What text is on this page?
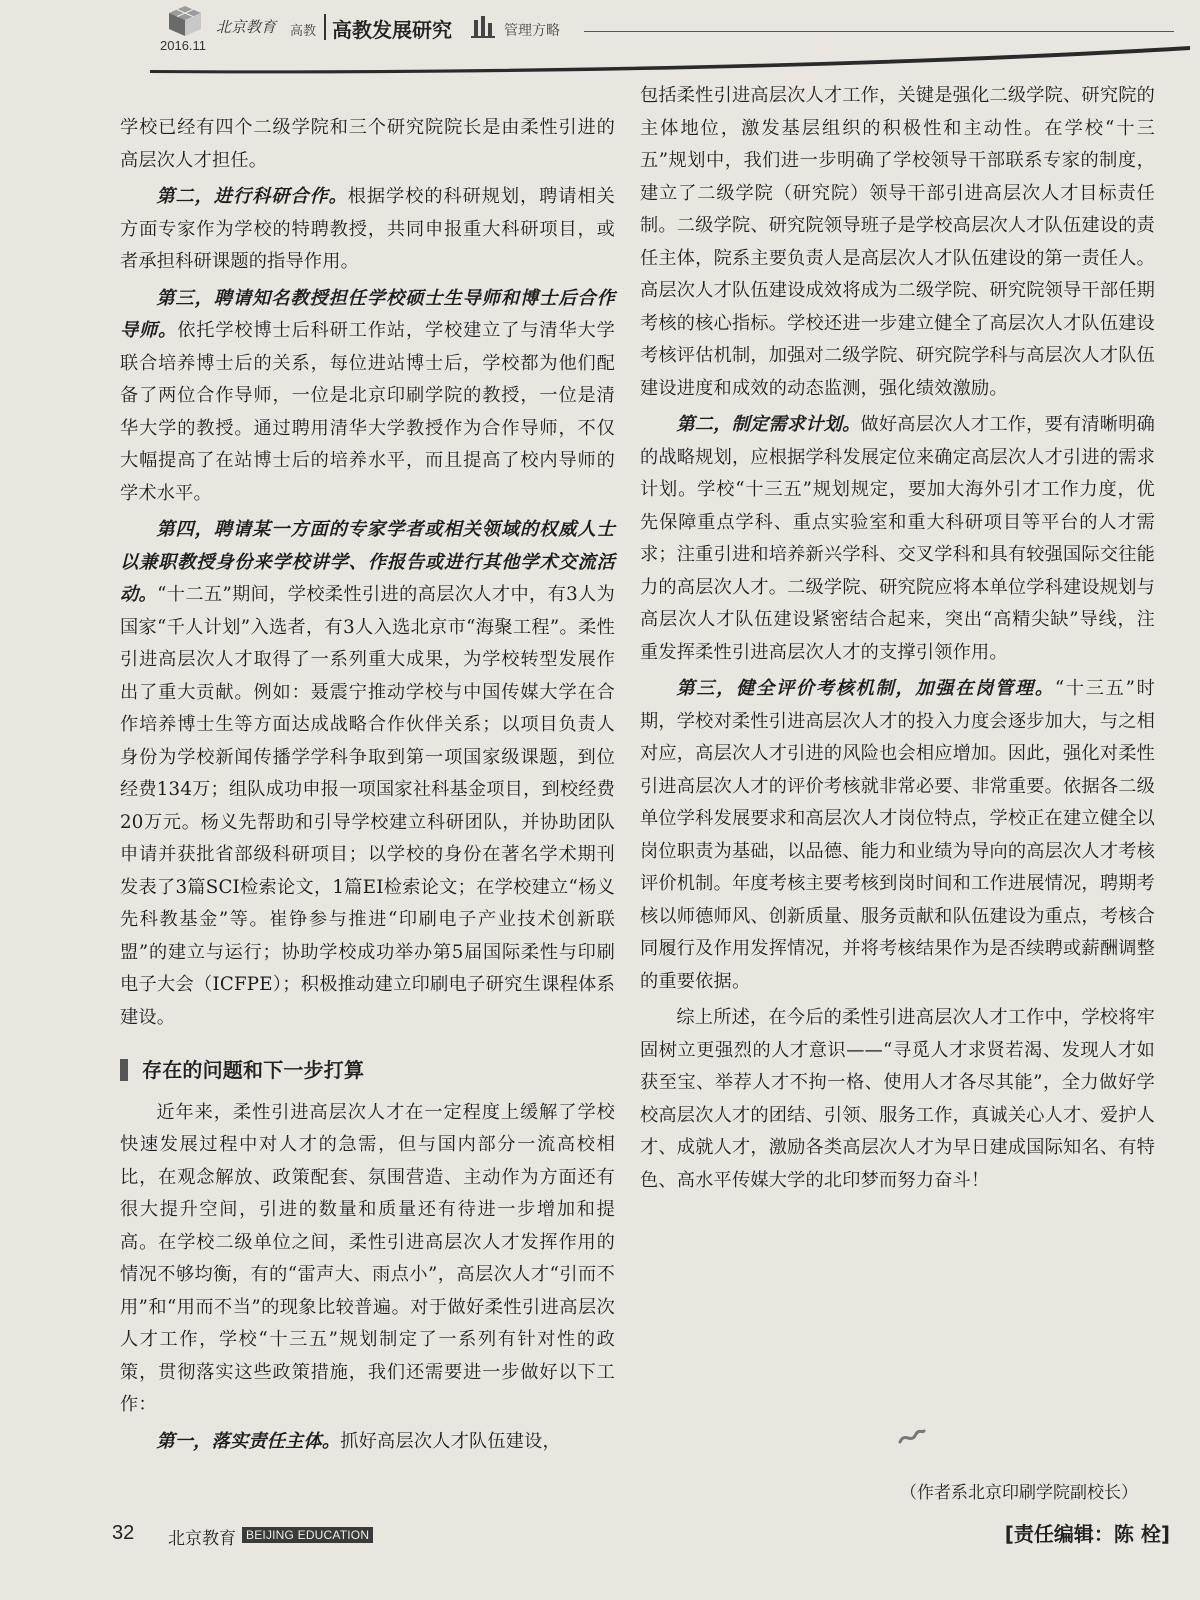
2016.11
北京教育 高教 高教发展研究	管理方略

学校已经有四个二级学院和三个研究院院长是由柔性引进的高层次人才担任。

第二，进行科研合作。根据学校的科研规划，聘请相关方面专家作为学校的特聘教授，共同申报重大科研项目，或者承担科研课题的指导作用。

第三，聘请知名教授担任学校硕士生导师和博士后合作导师。依托学校博士后科研工作站，学校建立了与清华大学联合培养博士后的关系，每位进站博士后，学校都为他们配备了两位合作导师，一位是北京印刷学院的教授，一位是清华大学的教授。通过聘用清华大学教授作为合作导师，不仅大幅提高了在站博士后的培养水平，而且提高了校内导师的学术水平。

第四，聘请某一方面的专家学者或相关领域的权威人士以兼职教授身份来学校讲学、作报告或进行其他学术交流活动。“十二五”期间，学校柔性引进的高层次人才中，有3人为国家“千人计划”入选者，有3人入选北京市“海聚工程”。柔性引进高层次人才取得了一系列重大成果，为学校转型发展作出了重大贡献。例如：聂震宁推动学校与中国传媒大学在合作培养博士生等方面达成战略合作伙伴关系；以项目负责人身份为学校新闻传播学学科争取到第一项国家级课题，到位经费134万；组队成功申报一项国家社科基金项目，到校经费20万元。杨义先帮助和引导学校建立科研团队，并协助团队申请并获批省部级科研项目；以学校的身份在著名学术期刊发表了3篇SCI检索论文，1篇EI检索论文；在学校建立“杨义先科教基金”等。崔铮参与推进“印刷电子产业技术创新联盟”的建立与运行；协助学校成功举办第5届国际柔性与印刷电子大会（ICFPE）；积极推动建立印刷电子研究生课程体系建设。

存在的问题和下一步打算

近年来，柔性引进高层次人才在一定程度上缓解了学校快速发展过程中对人才的急需，但与国内部分一流高校相比，在观念解放、政策配套、氛围营造、主动作为方面还有很大提升空间，引进的数量和质量还有待进一步增加和提高。在学校二级单位之间，柔性引进高层次人才发挥作用的情况不够均衡，有的“雷声大、雨点小”，高层次人才“引而不用”和“用而不当”的现象比较普遍。对于做好柔性引进高层次人才工作，学校“十三五”规划制定了一系列有针对性的政策，贯彻落实这些政策措施，我们还需要进一步做好以下工作：

第一，落实责任主体。抓好高层次人才队伍建设，

包括柔性引进高层次人才工作，关键是强化二级学院、研究院的主体地位，激发基层组织的积极性和主动性。在学校“十三五”规划中，我们进一步明确了学校领导干部联系专家的制度，建立了二级学院（研究院）领导干部引进高层次人才目标责任制。二级学院、研究院领导班子是学校高层次人才队伍建设的责任主体，院系主要负责人是高层次人才队伍建设的第一责任人。高层次人才队伍建设成效将成为二级学院、研究院领导干部任期考核的核心指标。学校还进一步建立健全了高层次人才队伍建设考核评估机制，加强对二级学院、研究院学科与高层次人才队伍建设进度和成效的动态监测，强化绩效激励。

第二，制定需求计划。做好高层次人才工作，要有清晰明确的战略规划，应根据学科发展定位来确定高层次人才引进的需求计划。学校“十三五”规划规定，要加大海外引才工作力度，优先保障重点学科、重点实验室和重大科研项目等平台的人才需求；注重引进和培养新兴学科、交叉学科和具有较强国际交往能力的高层次人才。二级学院、研究院应将本单位学科建设规划与高层次人才队伍建设紧密结合起来，突出“高精尖缺”导线，注重发挥柔性引进高层次人才的支撑引领作用。

第三，健全评价考核机制，加强在岗管理。“十三五”时期，学校对柔性引进高层次人才的投入力度会逐步加大，与之相对应，高层次人才引进的风险也会相应增加。因此，强化对柔性引进高层次人才的评价考核就非常必要、非常重要。依据各二级单位学科发展要求和高层次人才岗位特点，学校正在建立健全以岗位职责为基础，以品德、能力和业绩为导向的高层次人才考核评价机制。年度考核主要考核到岗时间和工作进展情况，聘期考核以师德师风、创新质量、服务贡献和队伍建设为重点，考核合同履行及作用发挥情况，并将考核结果作为是否续聘或薪酬调整的重要依据。

综上所述，在今后的柔性引进高层次人才工作中，学校将牢固树立更强烈的人才意识——“寻觅人才求贤若渴、发现人才如获至宝、举荐人才不拘一格、使用人才各尽其能”，全力做好学校高层次人才的团结、引领、服务工作，真诚关心人才、爱护人才、成就人才，激励各类高层次人才为早日建成国际知名、有特色、高水平传媒大学的北印梦而努力奋斗！

（作者系北京印刷学院副校长）
32 北京教育 BEIJING EDUCATION	[责任编辑：陈 栓]
